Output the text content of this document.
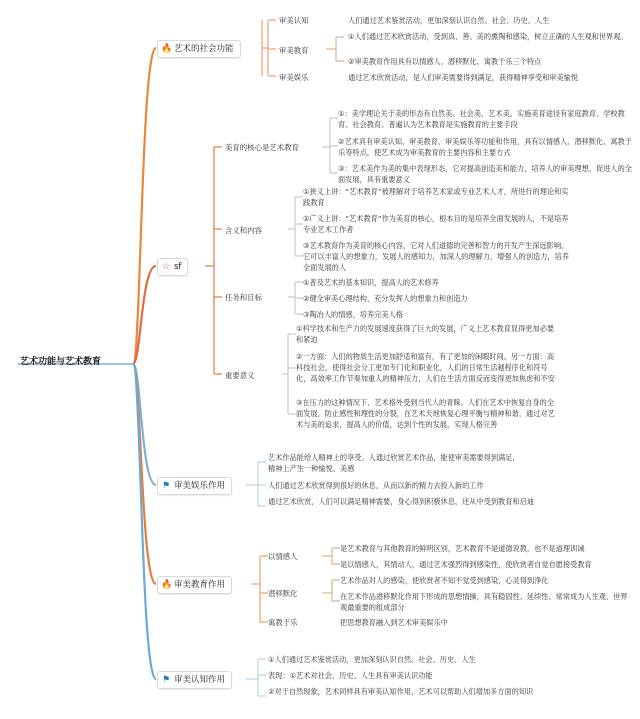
艺术功能与艺术教育
🔥 艺术的社会功能
审美认知	人们通过艺术鉴赏活动，更加深刻认识自然、社会、历史、人生
审美教育
①人们通过艺术欣赏活动，受到真、善、美的熏陶和感染，树立正确的人生观和世界观。
②审美教育作用具有以情感人、潜移默化、寓教于乐三个特点
审美娱乐	通过艺术欣赏活动，是人们审美需要得到满足，获得精神享受和审美愉悦
☆ sf
美育的核心是艺术教育
①：美学理论关于美的形态有自然美、社会美、艺术美。实施美育途径有家庭教育、学校教育、社会教育。普遍认为艺术教育是实施教育的主要手段
②艺术具有审美认知、审美教育、审美娱乐等功能和作用，具有以情感人、潜移默化、寓教于乐等特点，使艺术成为审美教育的主要内容和主要方式
③：艺术美作为美的集中表现形态，它对提高创造美和能力，培养人的审美理想，促进人的全面发展，具有重要意义
含义和内容
①狭义上讲：“艺术教育”被理解对于培养艺术家或专业艺术人才，所进行的理论和实践教育
②广义上讲：“艺术教育”作为美育的核心，根本目的是培养全面发展的人，不是培养专业艺术工作者
③艺术教育作为美育的核心内容，它对人们道德的完善和智力的开发产生深远影响。它可以丰富人的想象力，发展人的感知力，加深人的理解力，增强人的创造力，培养全面发展的人
任务和目标
①普及艺术的基本知识，提高人的艺术修养
②健全审美心理结构，充分发挥人的想象力和创造力
③陶冶人的情感，培养完美人格
重要意义
①科学技术和生产力的发展速度获得了巨大的发展，广义上艺术教育显得更加必要和紧迫
②一方面：人们的物质生活更加舒适和富有，有了更加的闲暇时间。另一方面：高科技社会，使得社会分工更加专门化和职业化，人们的日常生活越程序化和符号化，高效率工作节奏加重人的精神压力，人们在生活方面反而变得更加焦虑和不安
③在压力的这种情况下，艺术格外受到当代人的青睐。人们在艺术中恢复自身的全面发展，防止感性和理性的分裂，在艺术天地恢复心理平衡与精神和谐，通过对艺术与美的追求，提高人的价值，达到个性的发展，实现人格完善
⚑ 审美娱乐作用
艺术作品能给人精神上的享受。人通过欣赏艺术作品，能使审美需要得到满足，精神上产生一种愉悦、美感
人们通过艺术欣赏得到很好的休息，从而以新的精力去投入新的工作
通过艺术欣赏，人们可以满足精神需要，身心得到积极休息，还从中受到教育和启迪
🔥 审美教育作用
以情感人
是艺术教育与其他教育的鲜明区别，艺术教育不是道德说教，也不是道理训诫
是以情感人，其情动人，通过艺术强烈得到感染性，使欣赏者自觉自愿接受教育
潜移默化
艺术作品对人的感染，使欣赏者不知不觉受到感染，心灵得到净化
在艺术作品潜移默化作用下形成的思想情操，具有稳固性、延续性、常常成为人生观、世界观最重要的组成部分
寓教于乐	把思想教育融入到艺术审美娱乐中
⚑ 审美认知作用
①人们通过艺术鉴赏活动，更加深刻认识自然、社会、历史、人生
表现：①艺术对社会、历史、人生具有审美认识功能
②对于自然现象，艺术同样具有审美认知作用，艺术可以帮助人们增加多方面的知识
